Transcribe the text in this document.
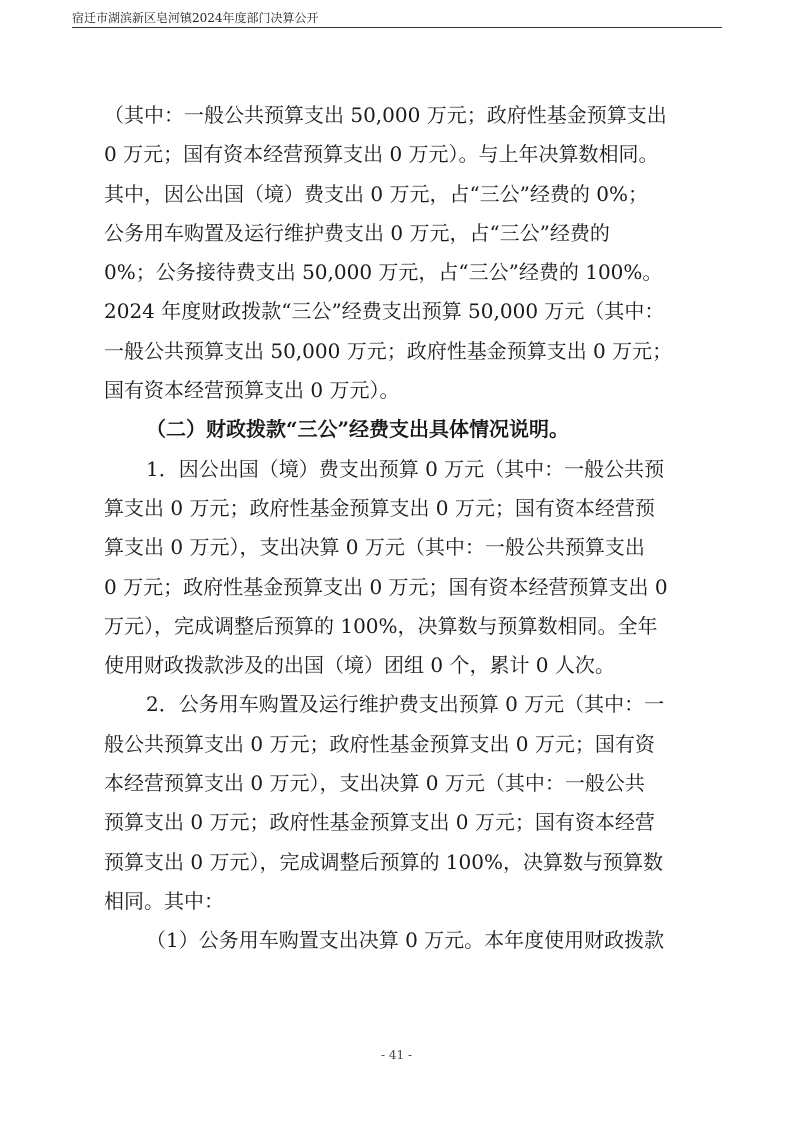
宿迁市湖滨新区皂河镇2024年度部门决算公开
（其中：一般公共预算支出 50,000 万元；政府性基金预算支出
0 万元；国有资本经营预算支出 0 万元）。与上年决算数相同。
其中，因公出国（境）费支出 0 万元，占“三公”经费的 0%；
公务用车购置及运行维护费支出 0 万元，占“三公”经费的
0%；公务接待费支出 50,000 万元，占“三公”经费的 100%。
2024 年度财政拨款“三公”经费支出预算 50,000 万元（其中：
一般公共预算支出 50,000 万元；政府性基金预算支出 0 万元；
国有资本经营预算支出 0 万元）。
（二）财政拨款“三公”经费支出具体情况说明。
1．因公出国（境）费支出预算 0 万元（其中：一般公共预
算支出 0 万元；政府性基金预算支出 0 万元；国有资本经营预
算支出 0 万元），支出决算 0 万元（其中：一般公共预算支出
0 万元；政府性基金预算支出 0 万元；国有资本经营预算支出 0
万元），完成调整后预算的 100%，决算数与预算数相同。全年
使用财政拨款涉及的出国（境）团组 0 个，累计 0 人次。
2．公务用车购置及运行维护费支出预算 0 万元（其中：一
般公共预算支出 0 万元；政府性基金预算支出 0 万元；国有资
本经营预算支出 0 万元），支出决算 0 万元（其中：一般公共
预算支出 0 万元；政府性基金预算支出 0 万元；国有资本经营
预算支出 0 万元），完成调整后预算的 100%，决算数与预算数
相同。其中：
（1）公务用车购置支出决算 0 万元。本年度使用财政拨款
- 41 -
